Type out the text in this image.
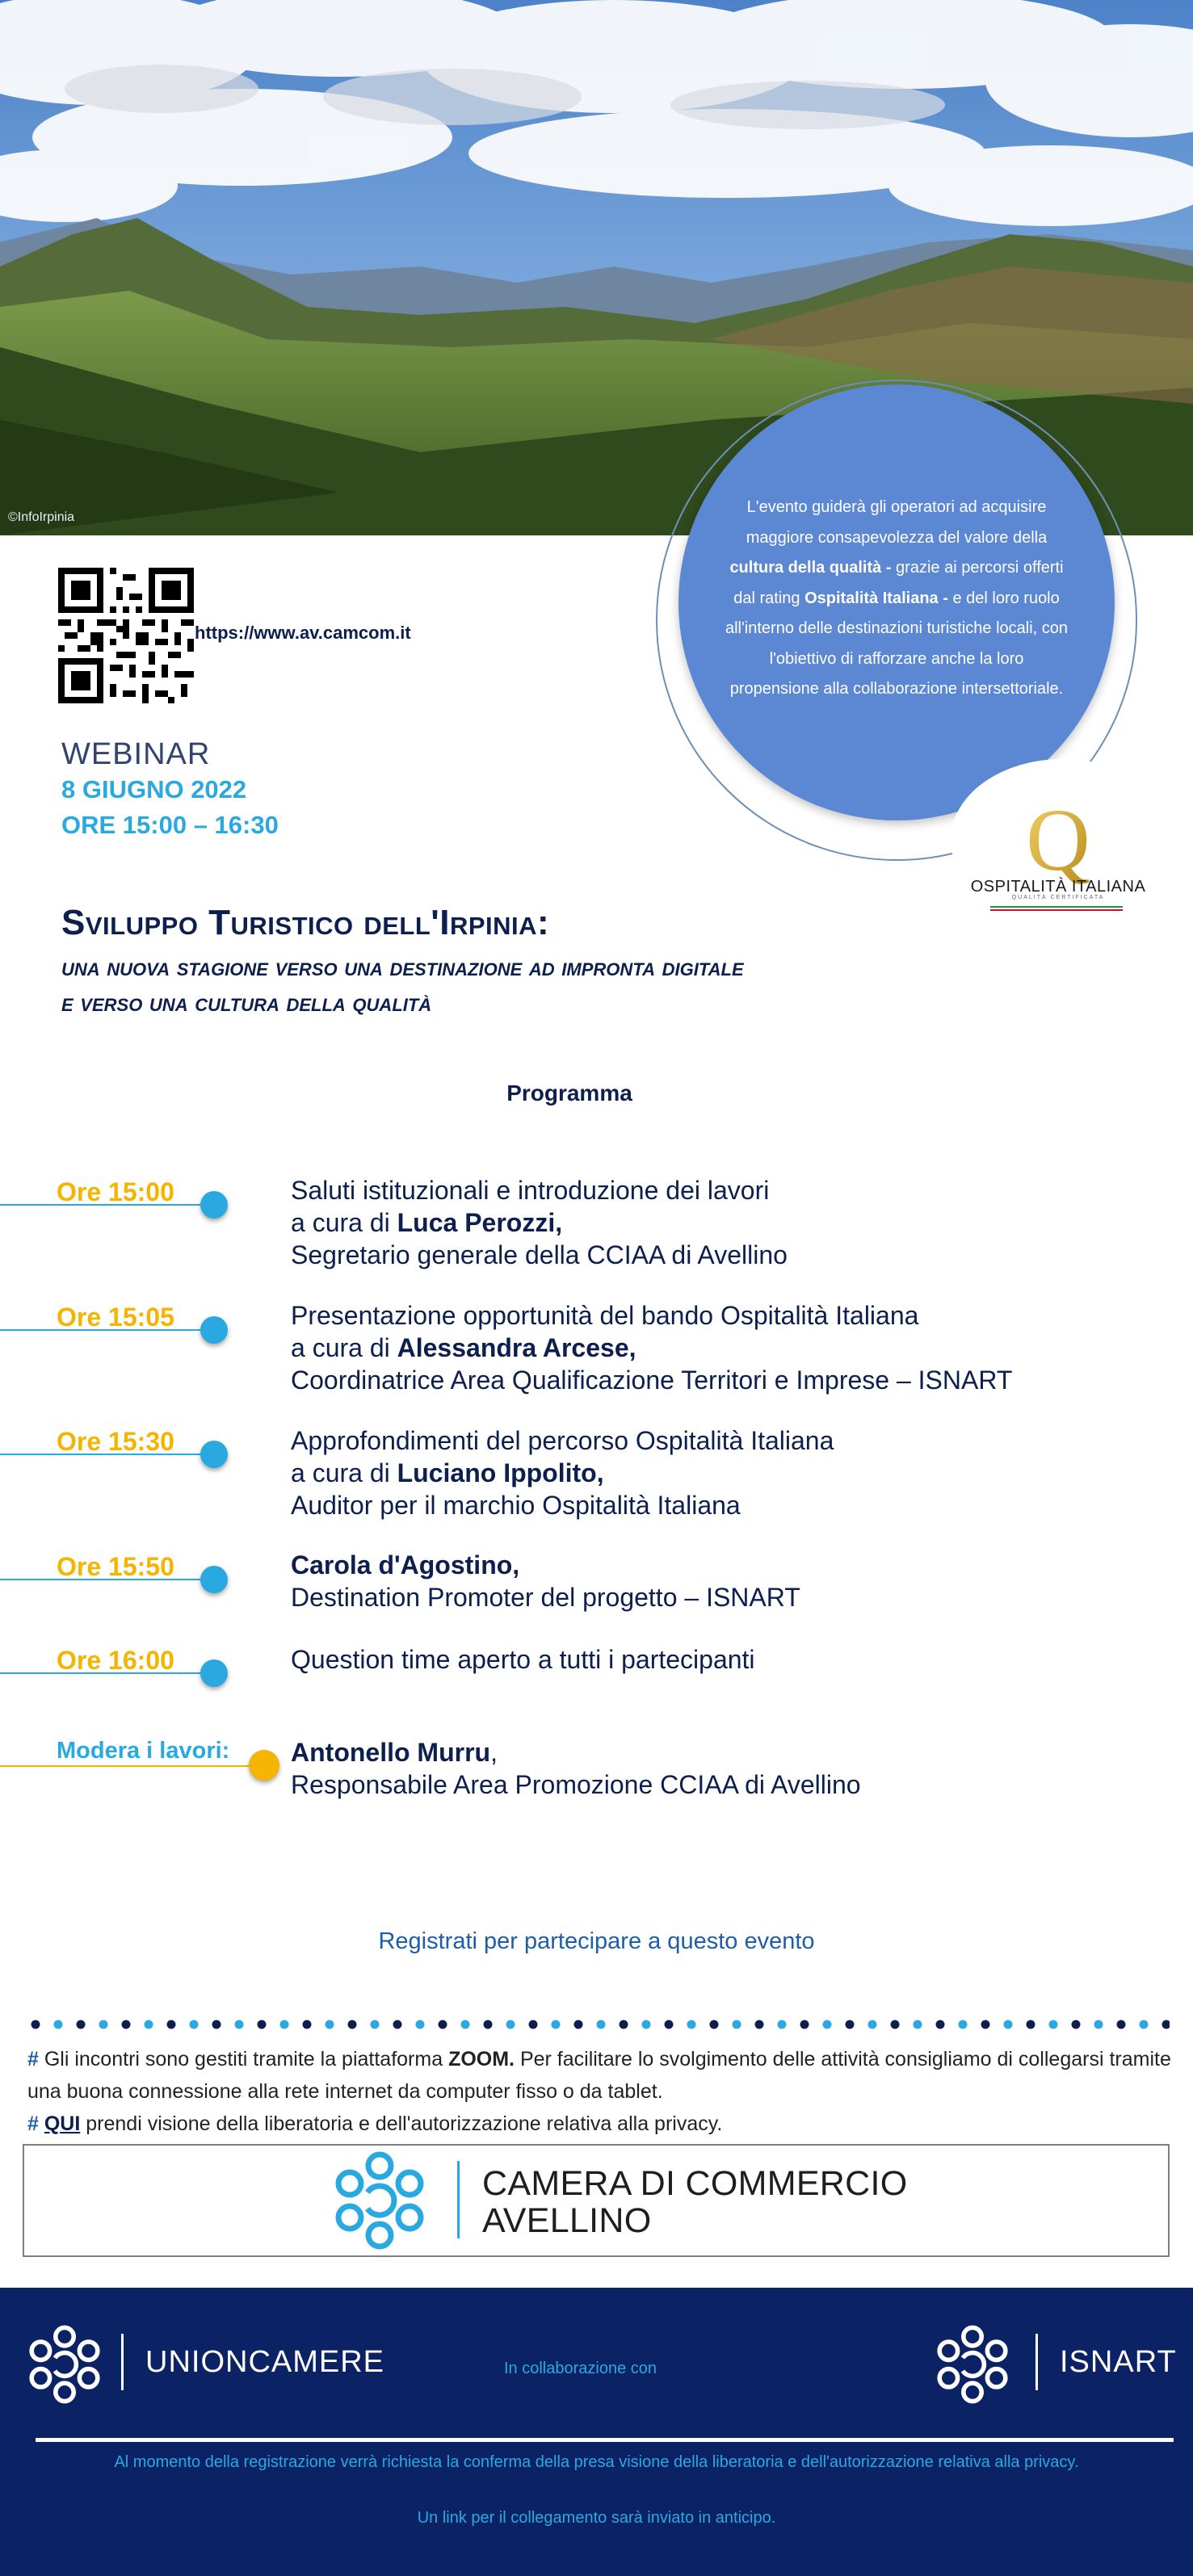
©InfoIrpinia
L'evento guiderà gli operatori ad acquisire maggiore consapevolezza del valore della cultura della qualità - grazie ai percorsi offerti dal rating Ospitalità Italiana - e del loro ruolo all'interno delle destinazioni turistiche locali, con l'obiettivo di rafforzare anche la loro propensione alla collaborazione intersettoriale.
Q
OSPITALITÀ ITALIANA
QUALITÀ CERTIFICATA
https://www.av.camcom.it
WEBINAR
8 GIUGNO 2022
ORE 15:00 – 16:30
Sviluppo Turistico dell'Irpinia:
una nuova stagione verso una destinazione ad impronta digitale
e verso una cultura della qualità
Programma
Ore 15:00	Saluti istituzionali e introduzione dei lavori
a cura di Luca Perozzi,
Segretario generale della CCIAA di Avellino
Ore 15:05	Presentazione opportunità del bando Ospitalità Italiana
a cura di Alessandra Arcese,
Coordinatrice Area Qualificazione Territori e Imprese – ISNART
Ore 15:30	Approfondimenti del percorso Ospitalità Italiana
a cura di Luciano Ippolito,
Auditor per il marchio Ospitalità Italiana
Ore 15:50	Carola d'Agostino,
Destination Promoter del progetto – ISNART
Ore 16:00	Question time aperto a tutti i partecipanti
Modera i lavori: Antonello Murru,
Responsabile Area Promozione CCIAA di Avellino
Registrati per partecipare a questo evento
# Gli incontri sono gestiti tramite la piattaforma ZOOM. Per facilitare lo svolgimento delle attività consigliamo di collegarsi tramite una buona connessione alla rete internet da computer fisso o da tablet.
# QUI prendi visione della liberatoria e dell'autorizzazione relativa alla privacy.
CAMERA DI COMMERCIO
AVELLINO
UNIONCAMERE	In collaborazione con	ISNART
Al momento della registrazione verrà richiesta la conferma della presa visione della liberatoria e dell'autorizzazione relativa alla privacy.
Un link per il collegamento sarà inviato in anticipo.
